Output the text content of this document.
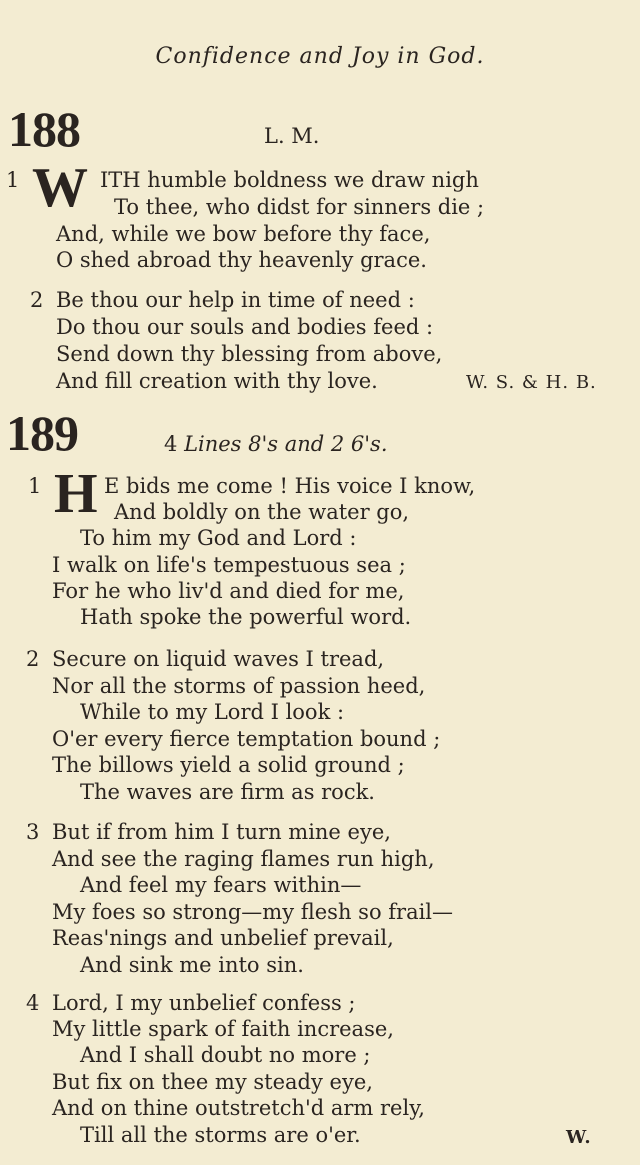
Confidence and Joy in God.
188	L. M.
1 W ITH humble boldness we draw nigh
To thee, who didst for sinners die ;
And, while we bow before thy face,
O shed abroad thy heavenly grace.
2 Be thou our help in time of need :
Do thou our souls and bodies feed :
Send down thy blessing from above,
And fill creation with thy love.	W. S. & H. B.
189	4 Lines 8's and 2 6's.
1 H E bids me come ! His voice I know,
And boldly on the water go,
To him my God and Lord :
I walk on life's tempestuous sea ;
For he who liv'd and died for me,
Hath spoke the powerful word.
2 Secure on liquid waves I tread,
Nor all the storms of passion heed,
While to my Lord I look :
O'er every fierce temptation bound ;
The billows yield a solid ground ;
The waves are firm as rock.
3 But if from him I turn mine eye,
And see the raging flames run high,
And feel my fears within—
My foes so strong—my flesh so frail—
Reas'nings and unbelief prevail,
And sink me into sin.
4 Lord, I my unbelief confess ;
My little spark of faith increase,
And I shall doubt no more ;
But fix on thee my steady eye,
And on thine outstretch'd arm rely,
Till all the storms are o'er.	W.
